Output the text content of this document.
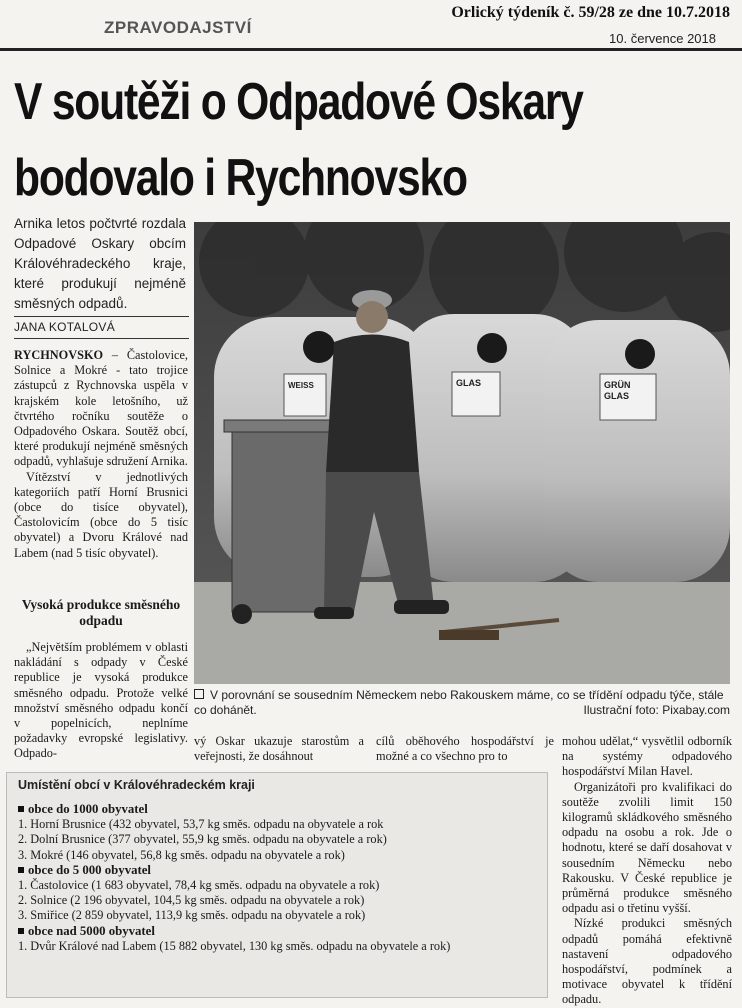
ZPRAVODAJSTVÍ
Orlický týdeník č. 59/28 ze dne 10.7.2018
10. července 2018
V soutěži o Odpadové Oskary
bodovalo i Rychnovsko
Arnika letos počtvrté rozdala Odpadové Oskary obcím Královéhradeckého kraje, které produkují nejméně směsných odpadů.
JANA KOTALOVÁ

RYCHNOVSKO – Častolovice, Solnice a Mokré - tato trojice zástupců z Rychnovska uspěla v krajském kole letošního, už čtvrtého ročníku soutěže o Odpadového Oskara. Soutěž obcí, které produkují nejméně směsných odpadů, vyhlašuje sdružení Arnika.

Vítězství v jednotlivých kategoriích patří Horní Brusnici (obce do tisíce obyvatel), Častolovicím (obce do 5 tisíc obyvatel) a Dvoru Králové nad Labem (nad 5 tisíc obyvatel).

Vysoká produkce směsného odpadu

„Největším problémem v oblasti nakládání s odpady v České republice je vysoká produkce směsného odpadu. Protože velké množství směsného odpadu končí v popelnicích, neplníme požadavky evropské legislativy. Odpado-

WEISS	GLAS	GRÜN
GLAS
V porovnání se sousedním Německem nebo Rakouskem máme, co se třídění odpadu týče, stále co dohánět.	Ilustrační foto: Pixabay.com

vý Oskar ukazuje starostům a veřejnosti, že dosáhnout

cílů oběhového hospodářství je možné a co všechno pro to

mohou udělat,“ vysvětlil odborník na systémy odpadového hospodářství Milan Havel.

Organizátoři pro kvalifikaci do soutěže zvolili limit 150 kilogramů skládkového směsného odpadu na osobu a rok. Jde o hodnotu, které se daří dosahovat v sousedním Německu nebo Rakousku. V České republice je průměrná produkce směsného odpadu asi o třetinu vyšší.

Nízké produkci směsných odpadů pomáhá efektivně nastavení odpadového hospodářství, podmínek a motivace obyvatel k třídění odpadu.

Umístění obcí v Královéhradeckém kraji
obce do 1000 obyvatel
1. Horní Brusnice (432 obyvatel, 53,7 kg směs. odpadu na obyvatele a rok
2. Dolní Brusnice (377 obyvatel, 55,9 kg směs. odpadu na obyvatele a rok)
3. Mokré (146 obyvatel, 56,8 kg směs. odpadu na obyvatele a rok)
obce do 5 000 obyvatel
1. Častolovice (1 683 obyvatel, 78,4 kg směs. odpadu na obyvatele a rok)
2. Solnice (2 196 obyvatel, 104,5 kg směs. odpadu na obyvatele a rok)
3. Smiřice (2 859 obyvatel, 113,9 kg směs. odpadu na obyvatele a rok)
obce nad 5000 obyvatel
1. Dvůr Králové nad Labem (15 882 obyvatel, 130 kg směs. odpadu na obyvatele a rok)
